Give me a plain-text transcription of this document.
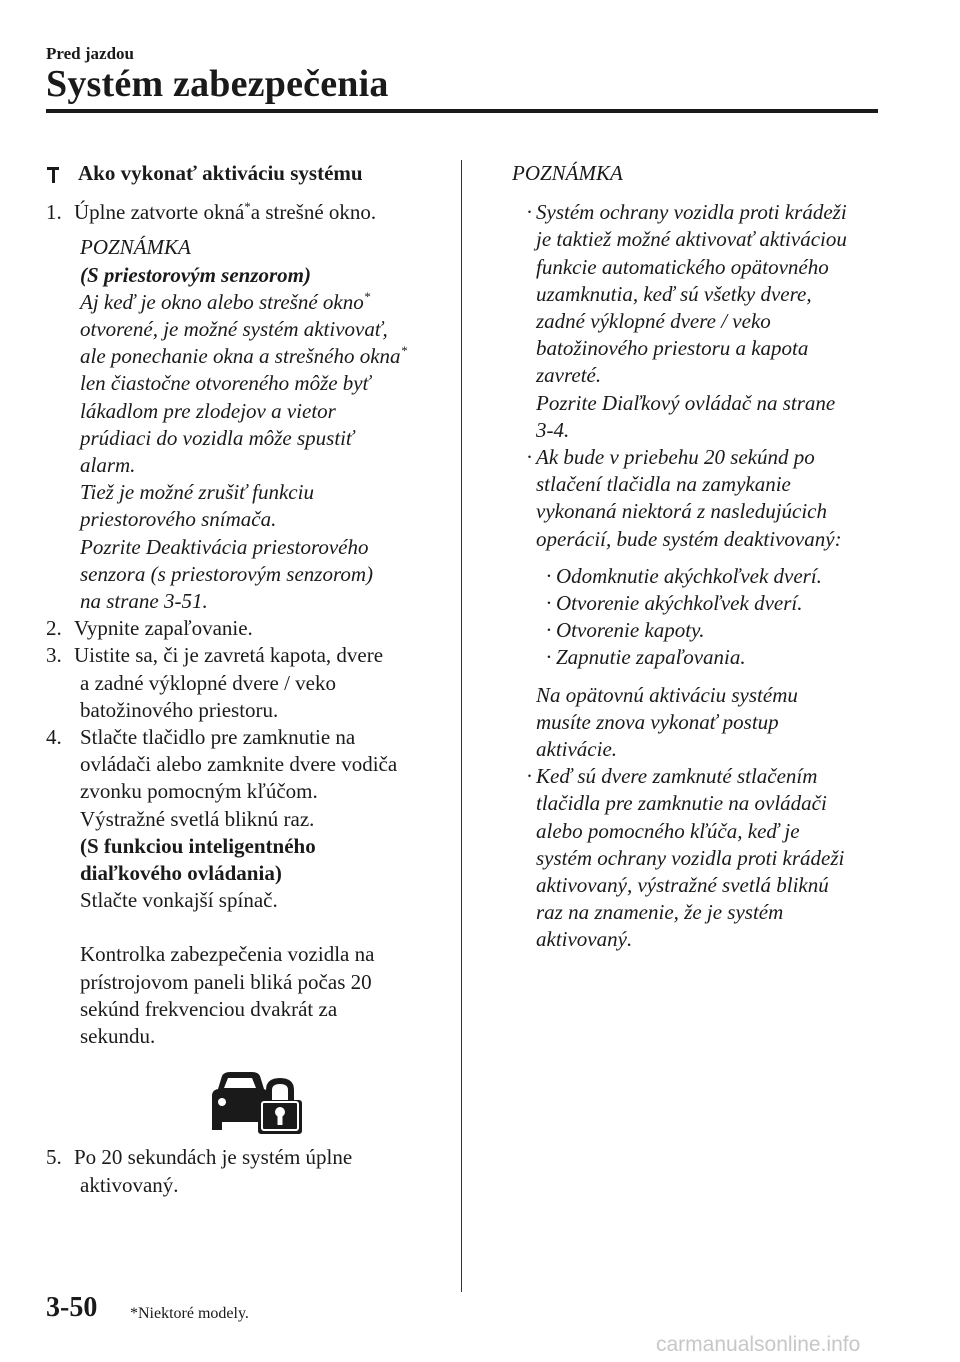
Pred jazdou
Systém zabezpečenia
Ako vykonať aktiváciu systému
1. Úplne zatvorte okná*a strešné okno.
POZNÁMKA
(S priestorovým senzorom)
Aj keď je okno alebo strešné okno*
otvorené, je možné systém aktivovať,
ale ponechanie okna a strešného okna*
len čiastočne otvoreného môže byť
lákadlom pre zlodejov a vietor
prúdiaci do vozidla môže spustiť
alarm.
Tiež je možné zrušiť funkciu
priestorového snímača.
Pozrite Deaktivácia priestorového
senzora (s priestorovým senzorom)
na strane 3-51.
2. Vypnite zapaľovanie.
3. Uistite sa, či je zavretá kapota, dvere
a zadné výklopné dvere / veko
batožinového priestoru.
4. Stlačte tlačidlo pre zamknutie na
ovládači alebo zamknite dvere vodiča
zvonku pomocným kľúčom.
Výstražné svetlá bliknú raz.
(S funkciou inteligentného
diaľkového ovládania)
Stlačte vonkajší spínač.
Kontrolka zabezpečenia vozidla na
prístrojovom paneli bliká počas 20
sekúnd frekvenciou dvakrát za
sekundu.
5. Po 20 sekundách je systém úplne
aktivovaný.
POZNÁMKA
· Systém ochrany vozidla proti krádeži
je taktiež možné aktivovať aktiváciou
funkcie automatického opätovného
uzamknutia, keď sú všetky dvere,
zadné výklopné dvere / veko
batožinového priestoru a kapota
zavreté.
Pozrite Diaľkový ovládač na strane
3-4.
· Ak bude v priebehu 20 sekúnd po
stlačení tlačidla na zamykanie
vykonaná niektorá z nasledujúcich
operácií, bude systém deaktivovaný:
· Odomknutie akýchkoľvek dverí.
· Otvorenie akýchkoľvek dverí.
· Otvorenie kapoty.
· Zapnutie zapaľovania.
Na opätovnú aktiváciu systému
musíte znova vykonať postup
aktivácie.
· Keď sú dvere zamknuté stlačením
tlačidla pre zamknutie na ovládači
alebo pomocného kľúča, keď je
systém ochrany vozidla proti krádeži
aktivovaný, výstražné svetlá bliknú
raz na znamenie, že je systém
aktivovaný.
3-50 *Niektoré modely.
carmanualsonline.info
